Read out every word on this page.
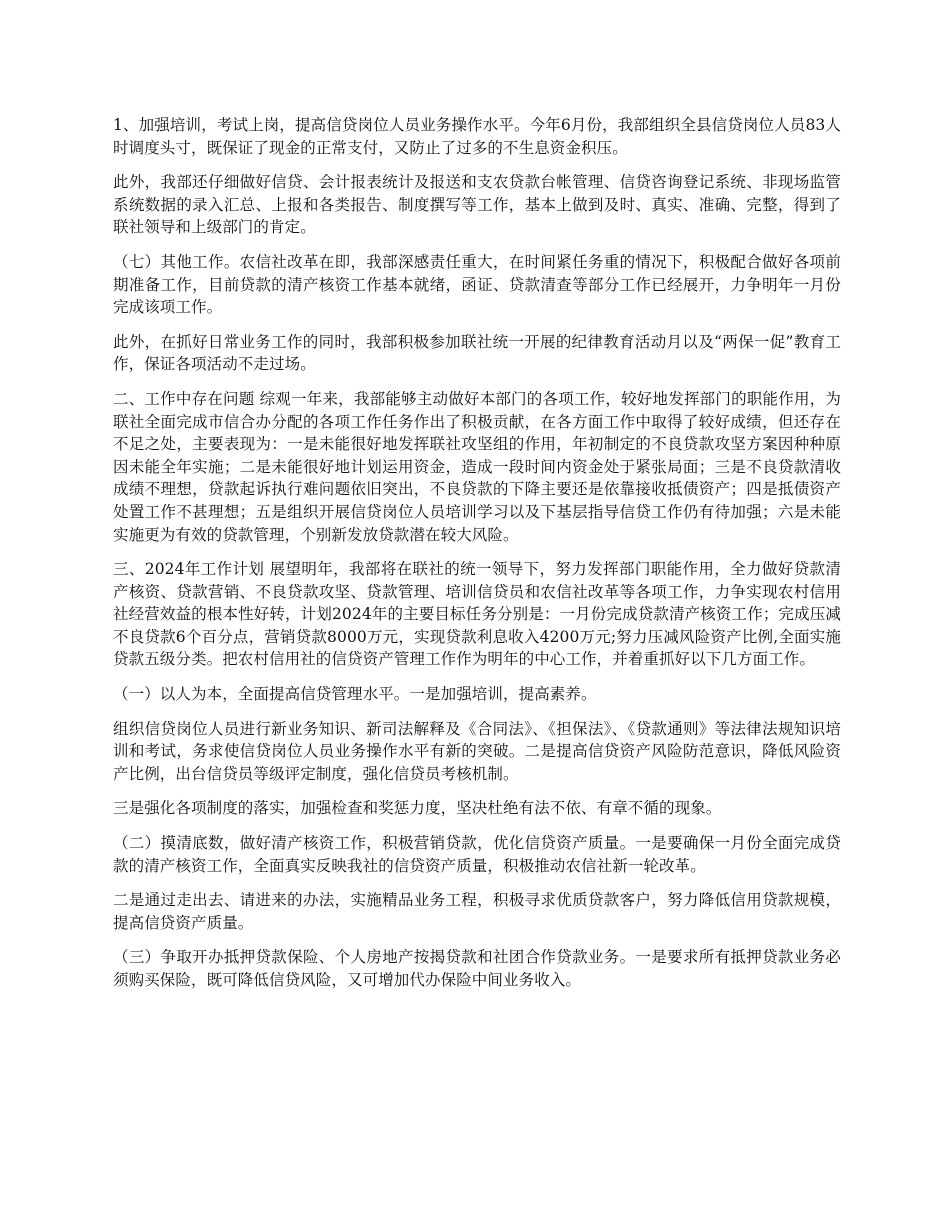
1、加强培训，考试上岗，提高信贷岗位人员业务操作水平。今年6月份，我部组织全县信贷岗位人员83人时调度头寸，既保证了现金的正常支付，又防止了过多的不生息资金积压。

此外，我部还仔细做好信贷、会计报表统计及报送和支农贷款台帐管理、信贷咨询登记系统、非现场监管系统数据的录入汇总、上报和各类报告、制度撰写等工作，基本上做到及时、真实、准确、完整，得到了联社领导和上级部门的肯定。

（七）其他工作。农信社改革在即，我部深感责任重大，在时间紧任务重的情况下，积极配合做好各项前期准备工作，目前贷款的清产核资工作基本就绪，函证、贷款清查等部分工作已经展开，力争明年一月份完成该项工作。

此外，在抓好日常业务工作的同时，我部积极参加联社统一开展的纪律教育活动月以及“两保一促”教育工作，保证各项活动不走过场。

二、工作中存在问题 综观一年来，我部能够主动做好本部门的各项工作，较好地发挥部门的职能作用，为联社全面完成市信合办分配的各项工作任务作出了积极贡献，在各方面工作中取得了较好成绩，但还存在不足之处，主要表现为：一是未能很好地发挥联社攻坚组的作用，年初制定的不良贷款攻坚方案因种种原因未能全年实施；二是未能很好地计划运用资金，造成一段时间内资金处于紧张局面；三是不良贷款清收成绩不理想，贷款起诉执行难问题依旧突出，不良贷款的下降主要还是依靠接收抵债资产；四是抵债资产处置工作不甚理想；五是组织开展信贷岗位人员培训学习以及下基层指导信贷工作仍有待加强；六是未能实施更为有效的贷款管理，个别新发放贷款潜在较大风险。

三、2024年工作计划 展望明年，我部将在联社的统一领导下，努力发挥部门职能作用，全力做好贷款清产核资、贷款营销、不良贷款攻坚、贷款管理、培训信贷员和农信社改革等各项工作，力争实现农村信用社经营效益的根本性好转，计划2024年的主要目标任务分别是：一月份完成贷款清产核资工作；完成压减不良贷款6个百分点，营销贷款8000万元，实现贷款利息收入4200万元;努力压减风险资产比例,全面实施贷款五级分类。把农村信用社的信贷资产管理工作作为明年的中心工作，并着重抓好以下几方面工作。

（一）以人为本，全面提高信贷管理水平。一是加强培训，提高素养。

组织信贷岗位人员进行新业务知识、新司法解释及《合同法》、《担保法》、《贷款通则》等法律法规知识培训和考试，务求使信贷岗位人员业务操作水平有新的突破。二是提高信贷资产风险防范意识，降低风险资产比例，出台信贷员等级评定制度，强化信贷员考核机制。

三是强化各项制度的落实，加强检查和奖惩力度，坚决杜绝有法不依、有章不循的现象。

（二）摸清底数，做好清产核资工作，积极营销贷款，优化信贷资产质量。一是要确保一月份全面完成贷款的清产核资工作，全面真实反映我社的信贷资产质量，积极推动农信社新一轮改革。

二是通过走出去、请进来的办法，实施精品业务工程，积极寻求优质贷款客户，努力降低信用贷款规模，提高信贷资产质量。

（三）争取开办抵押贷款保险、个人房地产按揭贷款和社团合作贷款业务。一是要求所有抵押贷款业务必须购买保险，既可降低信贷风险，又可增加代办保险中间业务收入。
